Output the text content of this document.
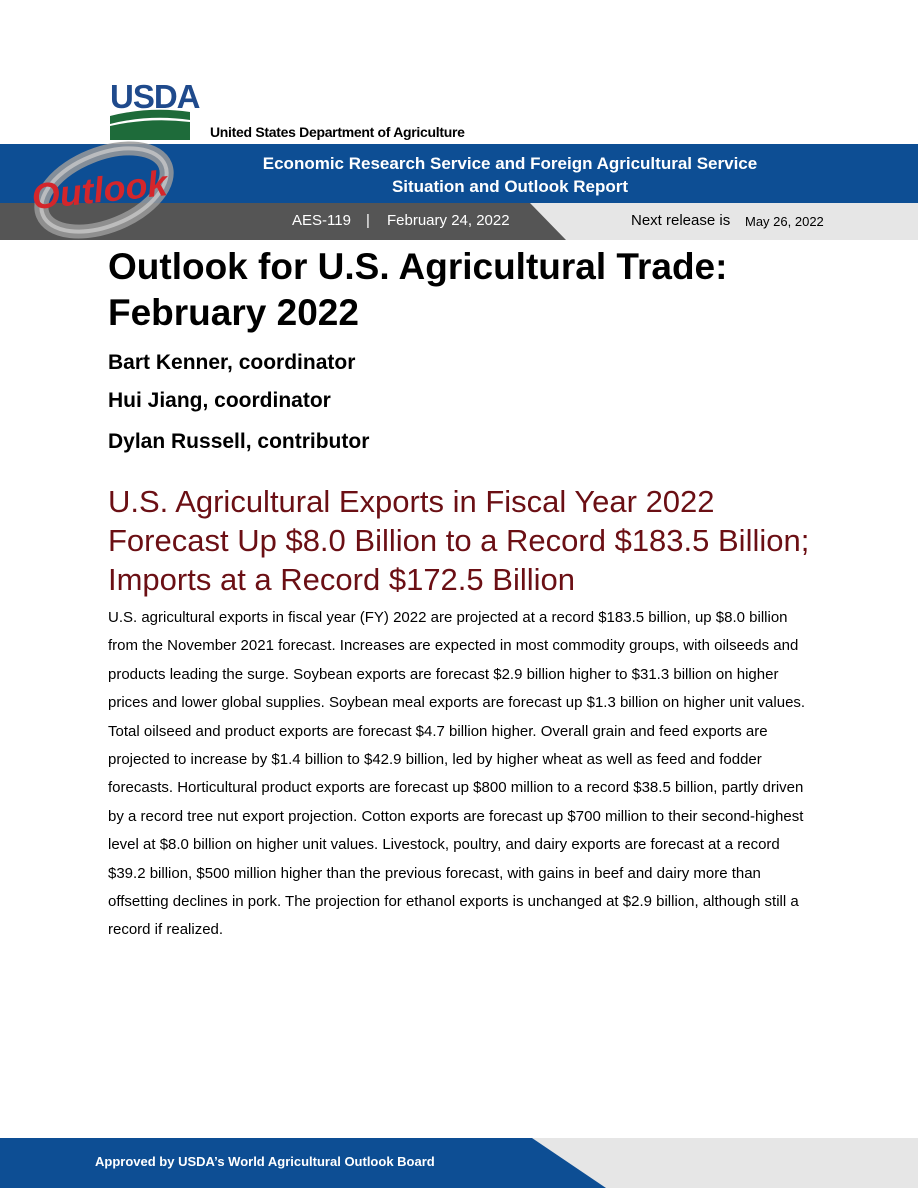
USDA
United States Department of Agriculture
Economic Research Service and Foreign Agricultural Service
Situation and Outlook Report
AES-119 | February 24, 2022	Next release is May 26, 2022
Outlook
Outlook for U.S. Agricultural Trade: February 2022
Bart Kenner, coordinator
Hui Jiang, coordinator
Dylan Russell, contributor
U.S. Agricultural Exports in Fiscal Year 2022 Forecast Up $8.0 Billion to a Record $183.5 Billion; Imports at a Record $172.5 Billion

U.S. agricultural exports in fiscal year (FY) 2022 are projected at a record $183.5 billion, up $8.0 billion from the November 2021 forecast. Increases are expected in most commodity groups, with oilseeds and products leading the surge. Soybean exports are forecast $2.9 billion higher to $31.3 billion on higher prices and lower global supplies. Soybean meal exports are forecast up $1.3 billion on higher unit values. Total oilseed and product exports are forecast $4.7 billion higher. Overall grain and feed exports are projected to increase by $1.4 billion to $42.9 billion, led by higher wheat as well as feed and fodder forecasts. Horticultural product exports are forecast up $800 million to a record $38.5 billion, partly driven by a record tree nut export projection. Cotton exports are forecast up $700 million to their second-highest level at $8.0 billion on higher unit values. Livestock, poultry, and dairy exports are forecast at a record $39.2 billion, $500 million higher than the previous forecast, with gains in beef and dairy more than offsetting declines in pork. The projection for ethanol exports is unchanged at $2.9 billion, although still a record if realized.

Approved by USDA’s World Agricultural Outlook Board
